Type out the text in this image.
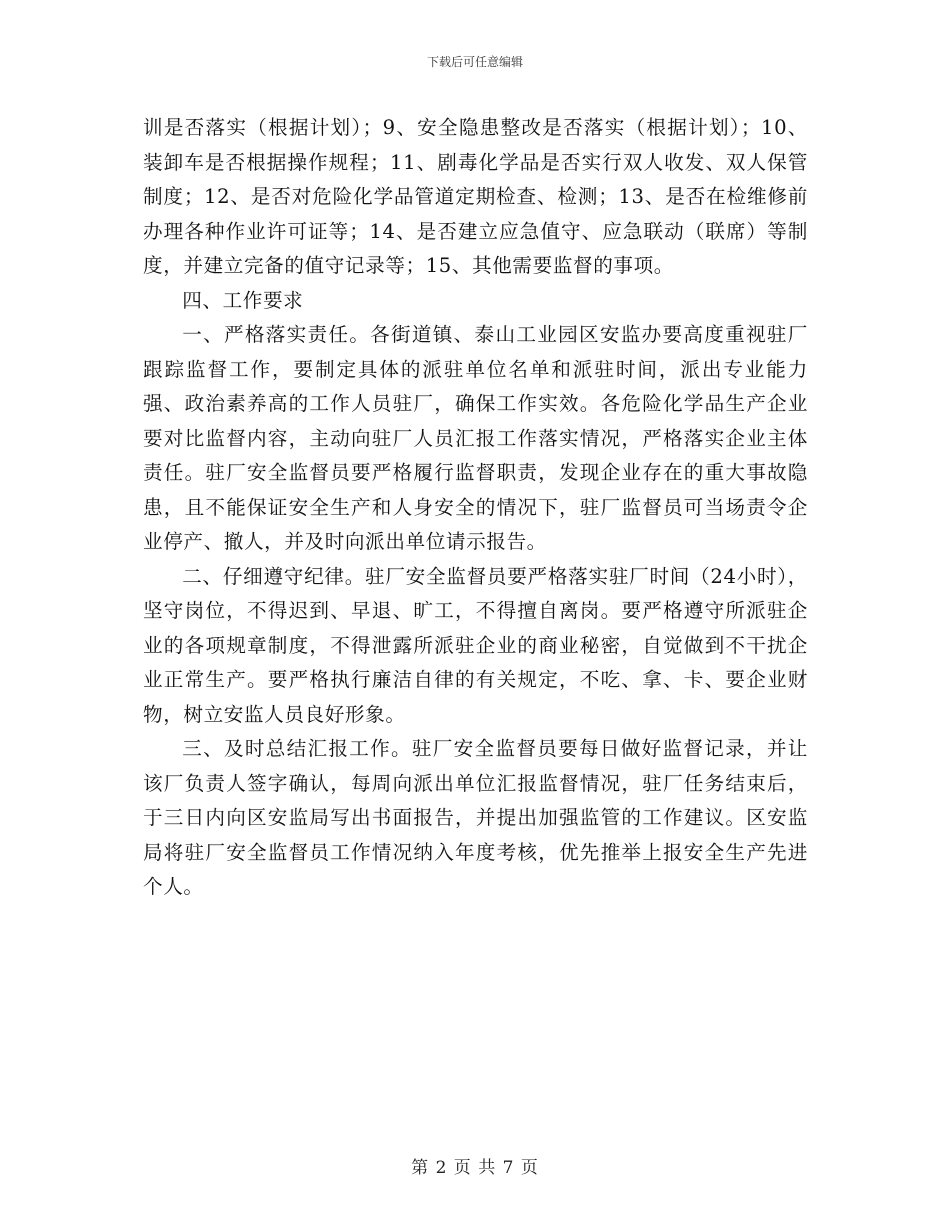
下载后可任意编辑

训是否落实（根据计划）；9、安全隐患整改是否落实（根据计划）；10、装卸车是否根据操作规程；11、剧毒化学品是否实行双人收发、双人保管制度；12、是否对危险化学品管道定期检查、检测；13、是否在检维修前办理各种作业许可证等；14、是否建立应急值守、应急联动（联席）等制度，并建立完备的值守记录等；15、其他需要监督的事项。

四、工作要求

一、严格落实责任。各街道镇、泰山工业园区安监办要高度重视驻厂跟踪监督工作，要制定具体的派驻单位名单和派驻时间，派出专业能力强、政治素养高的工作人员驻厂，确保工作实效。各危险化学品生产企业要对比监督内容，主动向驻厂人员汇报工作落实情况，严格落实企业主体责任。驻厂安全监督员要严格履行监督职责，发现企业存在的重大事故隐患，且不能保证安全生产和人身安全的情况下，驻厂监督员可当场责令企业停产、撤人，并及时向派出单位请示报告。

二、仔细遵守纪律。驻厂安全监督员要严格落实驻厂时间（24小时），坚守岗位，不得迟到、早退、旷工，不得擅自离岗。要严格遵守所派驻企业的各项规章制度，不得泄露所派驻企业的商业秘密，自觉做到不干扰企业正常生产。要严格执行廉洁自律的有关规定，不吃、拿、卡、要企业财物，树立安监人员良好形象。

三、及时总结汇报工作。驻厂安全监督员要每日做好监督记录，并让该厂负责人签字确认，每周向派出单位汇报监督情况，驻厂任务结束后，于三日内向区安监局写出书面报告，并提出加强监管的工作建议。区安监局将驻厂安全监督员工作情况纳入年度考核，优先推举上报安全生产先进个人。

第 2 页 共 7 页
